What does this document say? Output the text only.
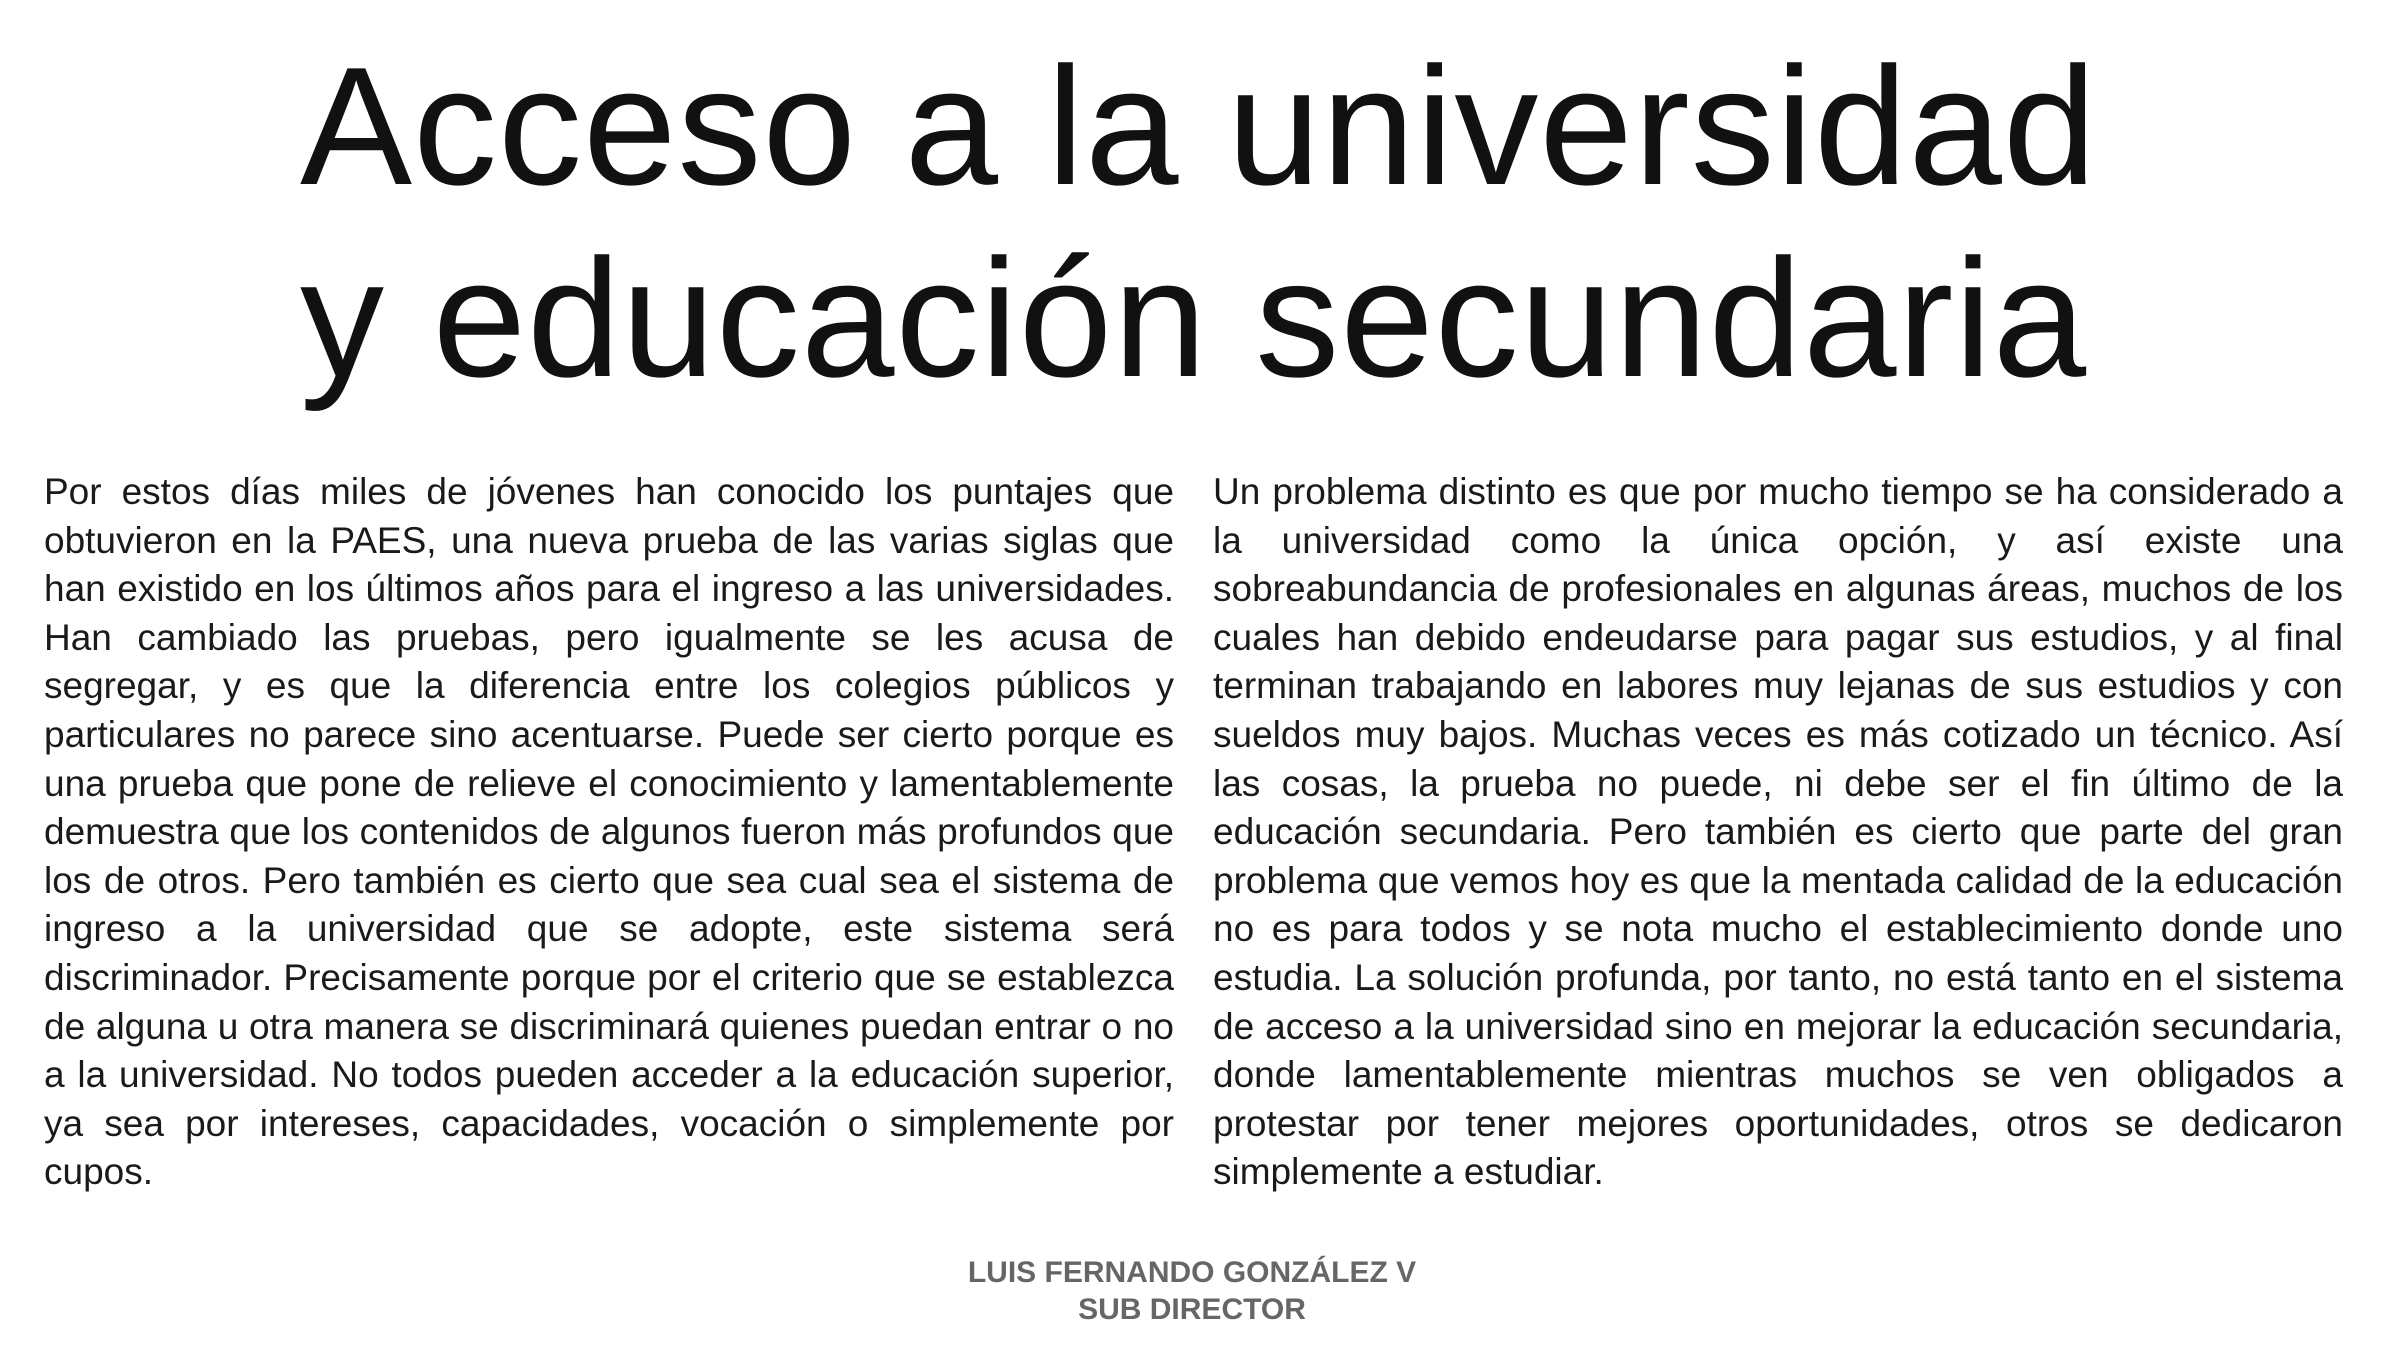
Acceso a la universidad
y educación secundaria

Por estos días miles de jóvenes han conocido los puntajes que obtuvieron en la PAES, una nueva prueba de las varias siglas que han existido en los últimos años para el ingreso a las universidades. Han cambiado las pruebas, pero igualmente se les acusa de segregar, y es que la diferencia entre los colegios públicos y particulares no parece sino acentuarse. Puede ser cierto porque es una prueba que pone de relieve el conocimiento y lamentablemente demuestra que los contenidos de algunos fueron más profundos que los de otros. Pero también es cierto que sea cual sea el sistema de ingreso a la universidad que se adopte, este sistema será discriminador. Precisamente porque por el criterio que se establezca de alguna u otra manera se discriminará quienes puedan entrar o no a la universidad. No todos pueden acceder a la educación superior, ya sea por intereses, capacidades, vocación o simplemente por cupos.

Un problema distinto es que por mucho tiempo se ha considerado a la universidad como la única opción, y así existe una sobreabundancia de profesionales en algunas áreas, muchos de los cuales han debido endeudarse para pagar sus estudios, y al final terminan trabajando en labores muy lejanas de sus estudios y con sueldos muy bajos. Muchas veces es más cotizado un técnico. Así las cosas, la prueba no puede, ni debe ser el fin último de la educación secundaria. Pero también es cierto que parte del gran problema que vemos hoy es que la mentada calidad de la educación no es para todos y se nota mucho el establecimiento donde uno estudia. La solución profunda, por tanto, no está tanto en el sistema de acceso a la universidad sino en mejorar la educación secundaria, donde lamentablemente mientras muchos se ven obligados a protestar por tener mejores oportunidades, otros se dedicaron simplemente a estudiar.

LUIS FERNANDO GONZÁLEZ V
SUB DIRECTOR
